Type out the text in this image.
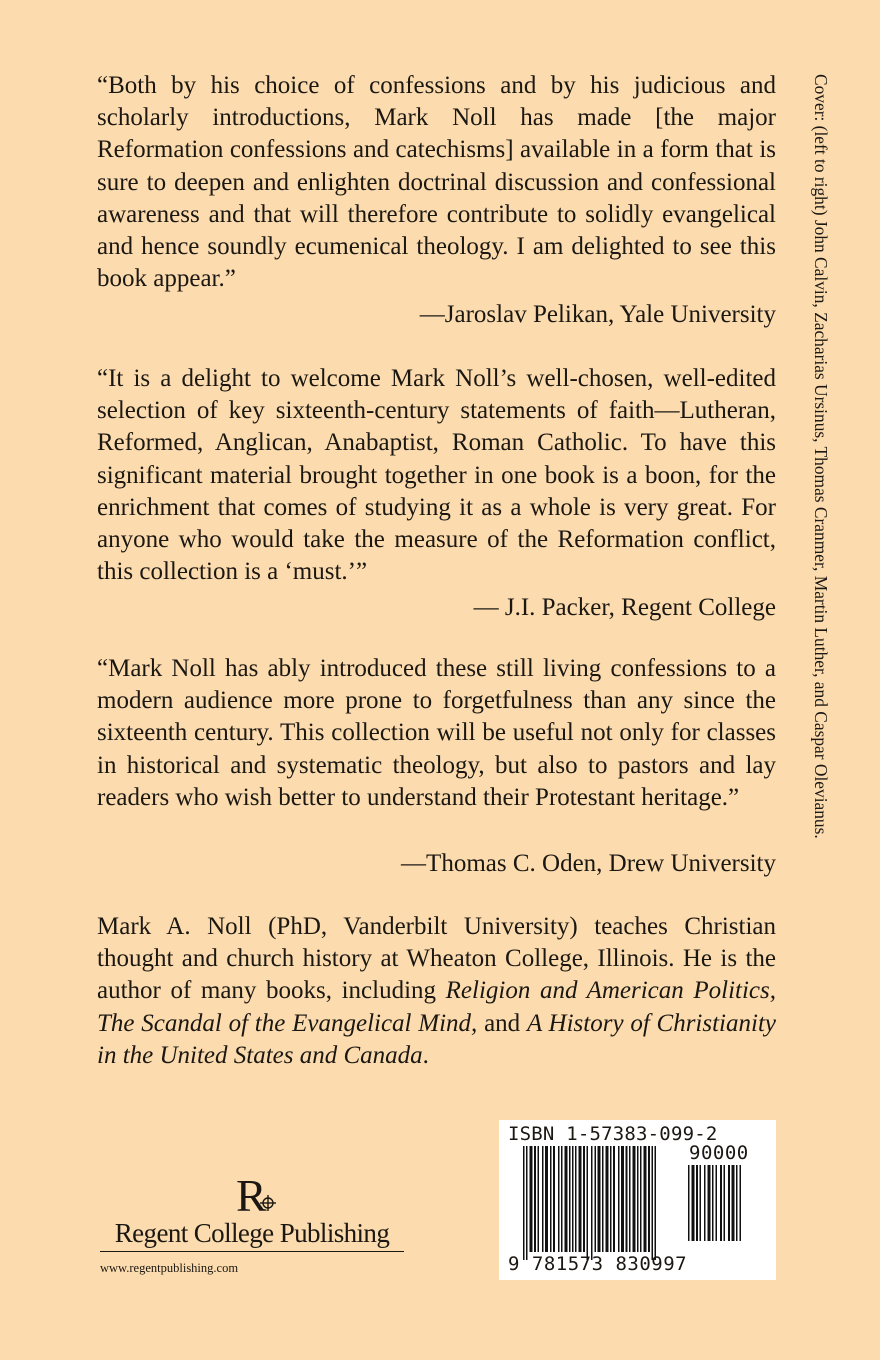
“Both by his choice of confessions and by his judicious and scholarly introductions, Mark Noll has made [the major Reformation confessions and catechisms] available in a form that is sure to deepen and enlighten doctrinal discussion and confessional awareness and that will therefore contribute to solidly evangelical and hence soundly ecumenical theology. I am delighted to see this book appear.”

—Jaroslav Pelikan, Yale University

“It is a delight to welcome Mark Noll’s well-chosen, well-edited selection of key sixteenth-century statements of faith—Lutheran, Reformed, Anglican, Anabaptist, Roman Catholic. To have this significant material brought together in one book is a boon, for the enrichment that comes of studying it as a whole is very great. For anyone who would take the measure of the Reformation conflict, this collection is a ‘must.’”

— J.I. Packer, Regent College

“Mark Noll has ably introduced these still living confessions to a modern audience more prone to forgetfulness than any since the sixteenth century. This collection will be useful not only for classes in historical and systematic theology, but also to pastors and lay readers who wish better to understand their Protestant heritage.”

—Thomas C. Oden, Drew University

Mark A. Noll (PhD, Vanderbilt University) teaches Christian thought and church history at Wheaton College, Illinois. He is the author of many books, including Religion and American Politics, The Scandal of the Evangelical Mind, and A History of Christianity in the United States and Canada.

Cover: (left to right) John Calvin, Zacharias Ursinus, Thomas Cranmer, Martin Luther, and Caspar Olevianus.
R
Regent College Publishing
www.regentpublishing.com
ISBN 1-57383-099-2
90000
9 781573 830997
